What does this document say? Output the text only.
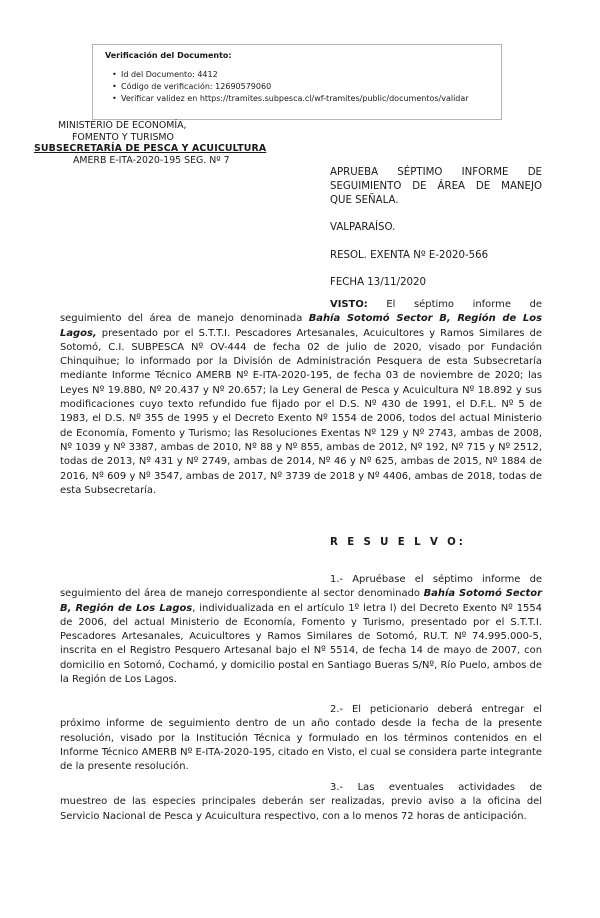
Verificación del Documento:
• Id del Documento: 4412
• Código de verificación: 12690579060
• Verificar validez en https://tramites.subpesca.cl/wf-tramites/public/documentos/validar
MINISTERIO DE ECONOMÍA,
FOMENTO Y TURISMO
SUBSECRETARÍA DE PESCA Y ACUICULTURA
AMERB E-ITA-2020-195 SEG. Nº 7
APRUEBA SÉPTIMO INFORME DE
SEGUIMIENTO DE ÁREA DE MANEJO
QUE SEÑALA.
VALPARAÍSO.
RESOL. EXENTA Nº E-2020-566
FECHA 13/11/2020
VISTO: El séptimo informe de seguimiento del área de manejo denominada Bahía Sotomó Sector B, Región de Los Lagos, presentado por el S.T.T.I. Pescadores Artesanales, Acuicultores y Ramos Similares de Sotomó, C.I. SUBPESCA Nº OV-444 de fecha 02 de julio de 2020, visado por Fundación Chinquihue; lo informado por la División de Administración Pesquera de esta Subsecretaría mediante Informe Técnico AMERB Nº E-ITA-2020-195, de fecha 03 de noviembre de 2020; las Leyes Nº 19.880, Nº 20.437 y Nº 20.657; la Ley General de Pesca y Acuicultura Nº 18.892 y sus modificaciones cuyo texto refundido fue fijado por el D.S. Nº 430 de 1991, el D.F.L. Nº 5 de 1983, el D.S. Nº 355 de 1995 y el Decreto Exento Nº 1554 de 2006, todos del actual Ministerio de Economía, Fomento y Turismo; las Resoluciones Exentas Nº 129 y Nº 2743, ambas de 2008, Nº 1039 y Nº 3387, ambas de 2010, Nº 88 y Nº 855, ambas de 2012, Nº 192, Nº 715 y Nº 2512, todas de 2013, Nº 431 y Nº 2749, ambas de 2014, Nº 46 y Nº 625, ambas de 2015, Nº 1884 de 2016, Nº 609 y Nº 3547, ambas de 2017, Nº 3739 de 2018 y Nº 4406, ambas de 2018, todas de esta Subsecretaría.
R E S U E L V O:
1.- Apruébase el séptimo informe de seguimiento del área de manejo correspondiente al sector denominado Bahía Sotomó Sector B, Región de Los Lagos, individualizada en el artículo 1º letra l) del Decreto Exento Nº 1554 de 2006, del actual Ministerio de Economía, Fomento y Turismo, presentado por el S.T.T.I. Pescadores Artesanales, Acuicultores y Ramos Similares de Sotomó, RU.T. Nº 74.995.000-5, inscrita en el Registro Pesquero Artesanal bajo el Nº 5514, de fecha 14 de mayo de 2007, con domicilio en Sotomó, Cochamó, y domicilio postal en Santiago Bueras S/Nº, Río Puelo, ambos de la Región de Los Lagos.
2.- El peticionario deberá entregar el próximo informe de seguimiento dentro de un año contado desde la fecha de la presente resolución, visado por la Institución Técnica y formulado en los términos contenidos en el Informe Técnico AMERB Nº E-ITA-2020-195, citado en Visto, el cual se considera parte integrante de la presente resolución.
3.- Las eventuales actividades de muestreo de las especies principales deberán ser realizadas, previo aviso a la oficina del Servicio Nacional de Pesca y Acuicultura respectivo, con a lo menos 72 horas de anticipación.
